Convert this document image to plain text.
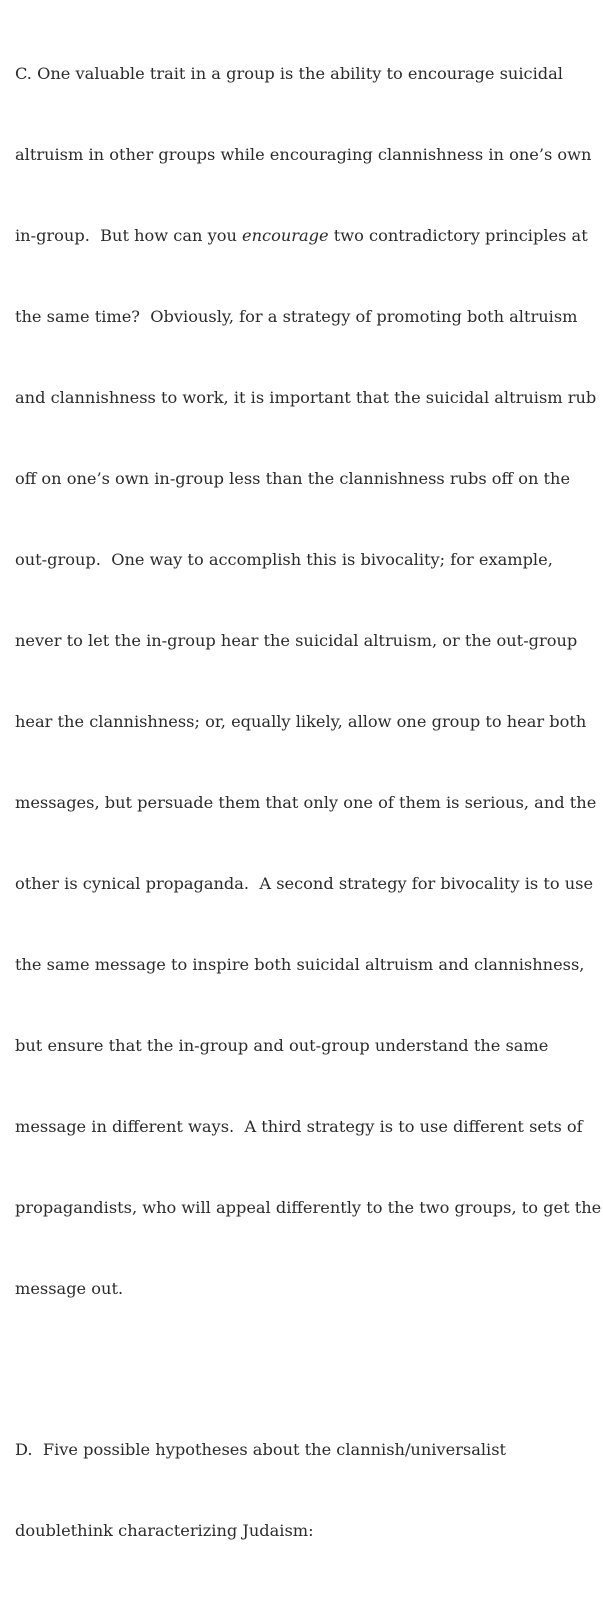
C. One valuable trait in a group is the ability to encourage suicidal

altruism in other groups while encouraging clannishness in one’s own

in-group.  But how can you encourage two contradictory principles at

the same time?  Obviously, for a strategy of promoting both altruism

and clannishness to work, it is important that the suicidal altruism rub

off on one’s own in-group less than the clannishness rubs off on the

out-group.  One way to accomplish this is bivocality; for example,

never to let the in-group hear the suicidal altruism, or the out-group

hear the clannishness; or, equally likely, allow one group to hear both

messages, but persuade them that only one of them is serious, and the

other is cynical propaganda.  A second strategy for bivocality is to use

the same message to inspire both suicidal altruism and clannishness,

but ensure that the in-group and out-group understand the same

message in different ways.  A third strategy is to use different sets of

propagandists, who will appeal differently to the two groups, to get the

message out.

D.  Five possible hypotheses about the clannish/universalist

doublethink characterizing Judaism:
